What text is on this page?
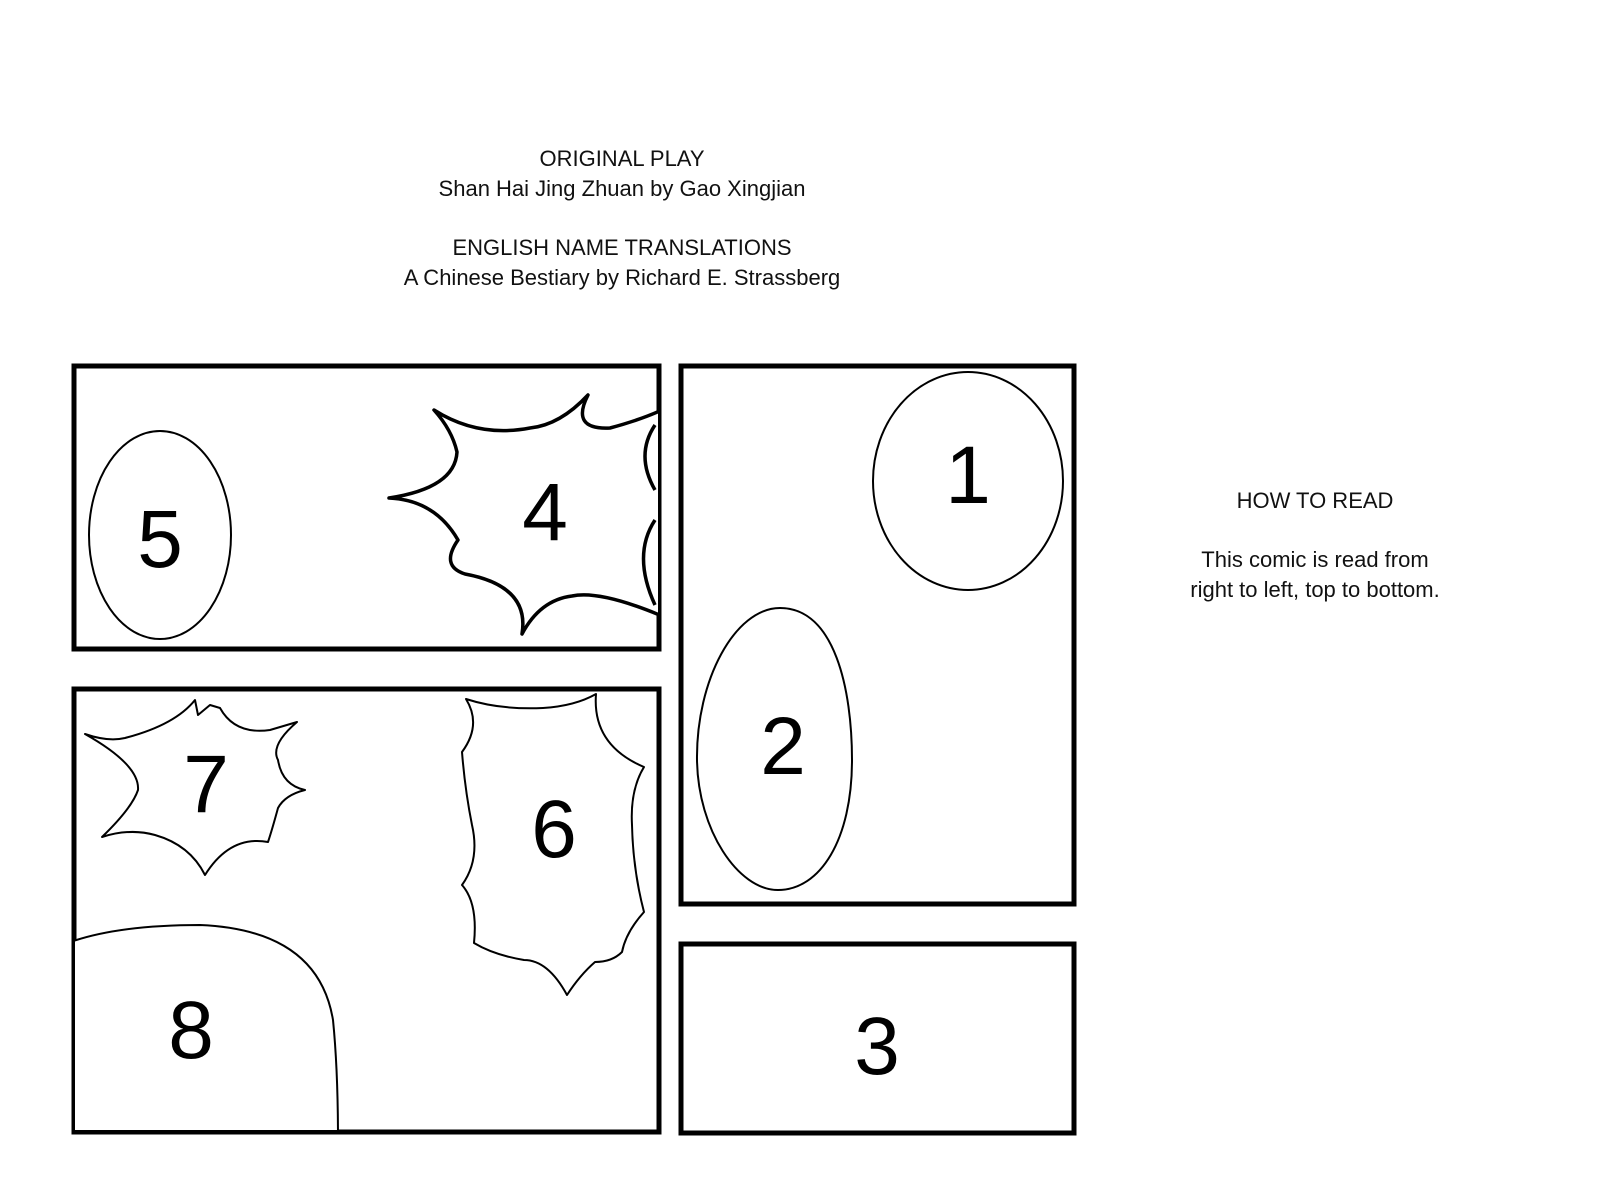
ORIGINAL PLAY
Shan Hai Jing Zhuan by Gao Xingjian
ENGLISH NAME TRANSLATIONS
A Chinese Bestiary by Richard E. Strassberg
HOW TO READ
This comic is read from
right to left, top to bottom.
1
2
3
4
5
6
7
8
